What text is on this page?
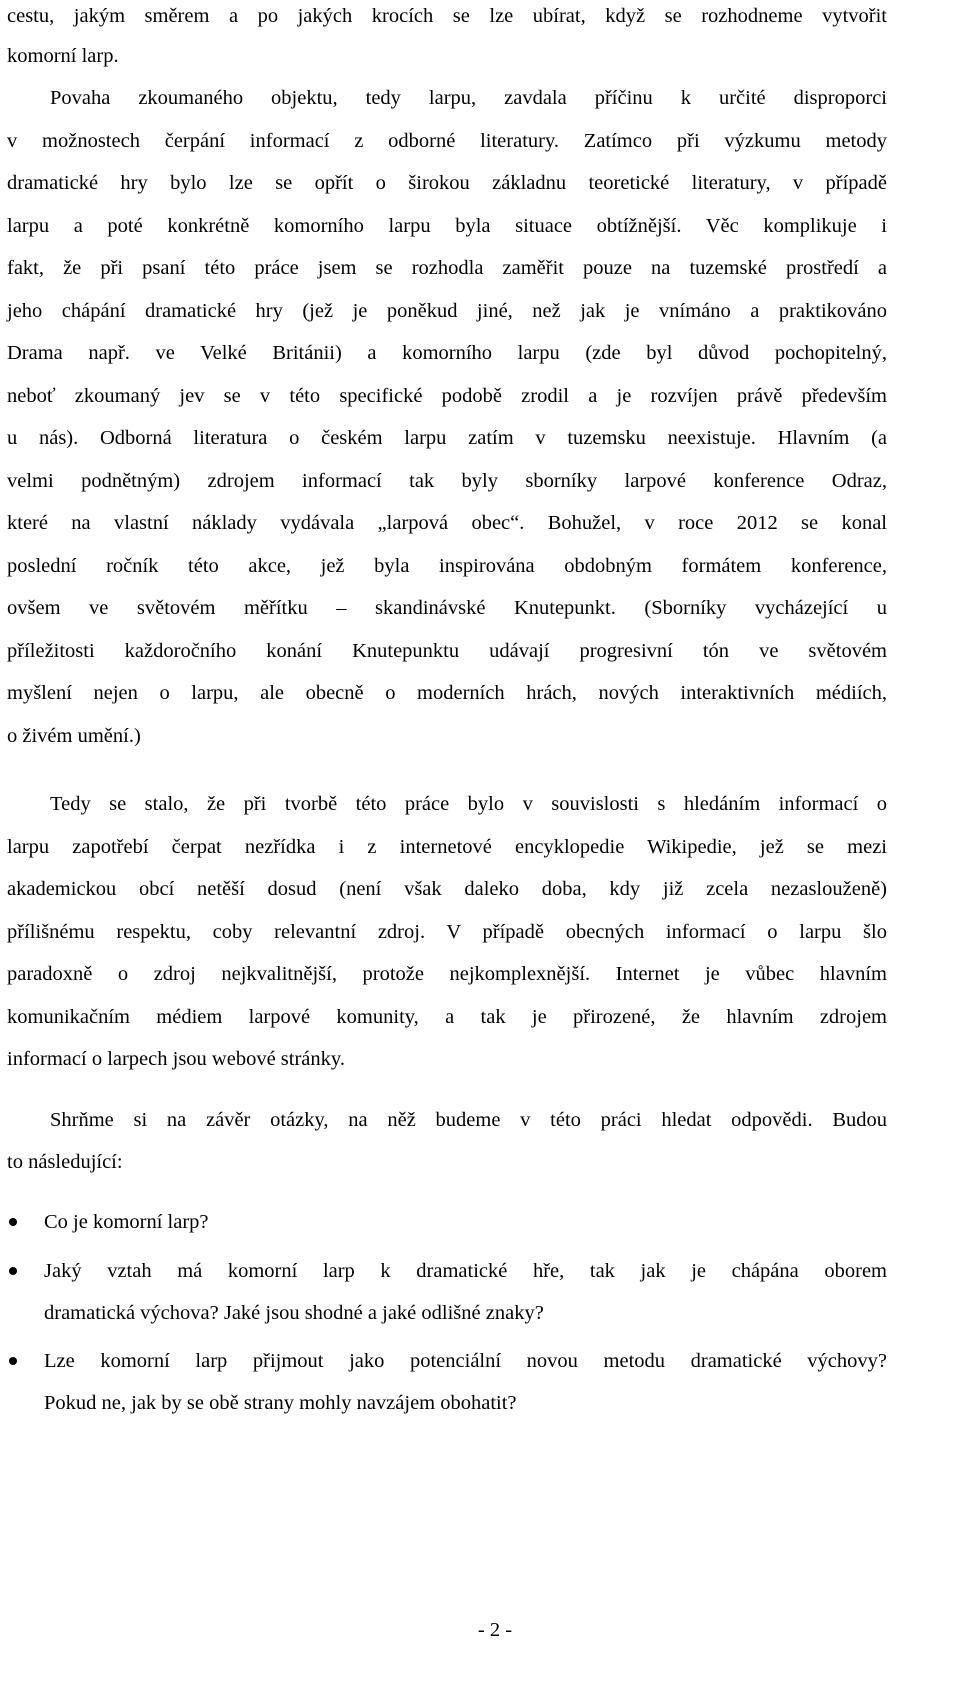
cestu, jakým směrem a po jakých krocích se lze ubírat, když se rozhodneme vytvořit
komorní larp.
Povaha zkoumaného objektu, tedy larpu, zavdala příčinu k určité disproporci
v možnostech čerpání informací z odborné literatury. Zatímco při výzkumu metody
dramatické hry bylo lze se opřít o širokou základnu teoretické literatury, v případě
larpu a poté konkrétně komorního larpu byla situace obtížnější. Věc komplikuje i
fakt, že při psaní této práce jsem se rozhodla zaměřit pouze na tuzemské prostředí a
jeho chápání dramatické hry (jež je poněkud jiné, než jak je vnímáno a praktikováno
Drama např. ve Velké Británii) a komorního larpu (zde byl důvod pochopitelný,
neboť zkoumaný jev se v této specifické podobě zrodil a je rozvíjen právě především
u nás). Odborná literatura o českém larpu zatím v tuzemsku neexistuje. Hlavním (a
velmi podnětným) zdrojem informací tak byly sborníky larpové konference Odraz,
které na vlastní náklady vydávala „larpová obec“. Bohužel, v roce 2012 se konal
poslední ročník této akce, jež byla inspirována obdobným formátem konference,
ovšem ve světovém měřítku – skandinávské Knutepunkt. (Sborníky vycházející u
příležitosti každoročního konání Knutepunktu udávají progresivní tón ve světovém
myšlení nejen o larpu, ale obecně o moderních hrách, nových interaktivních médiích,
o živém umění.)
Tedy se stalo, že při tvorbě této práce bylo v souvislosti s hledáním informací o
larpu zapotřebí čerpat nezřídka i z internetové encyklopedie Wikipedie, jež se mezi
akademickou obcí netěší dosud (není však daleko doba, kdy již zcela nezaslouženě)
přílišnému respektu, coby relevantní zdroj. V případě obecných informací o larpu šlo
paradoxně o zdroj nejkvalitnější, protože nejkomplexnější. Internet je vůbec hlavním
komunikačním médiem larpové komunity, a tak je přirozené, že hlavním zdrojem
informací o larpech jsou webové stránky.
Shrňme si na závěr otázky, na něž budeme v této práci hledat odpovědi. Budou
to následující:
Co je komorní larp?
Jaký vztah má komorní larp k dramatické hře, tak jak je chápána oborem
dramatická výchova? Jaké jsou shodné a jaké odlišné znaky?
Lze komorní larp přijmout jako potenciální novou metodu dramatické výchovy?
Pokud ne, jak by se obě strany mohly navzájem obohatit?
- 2 -
